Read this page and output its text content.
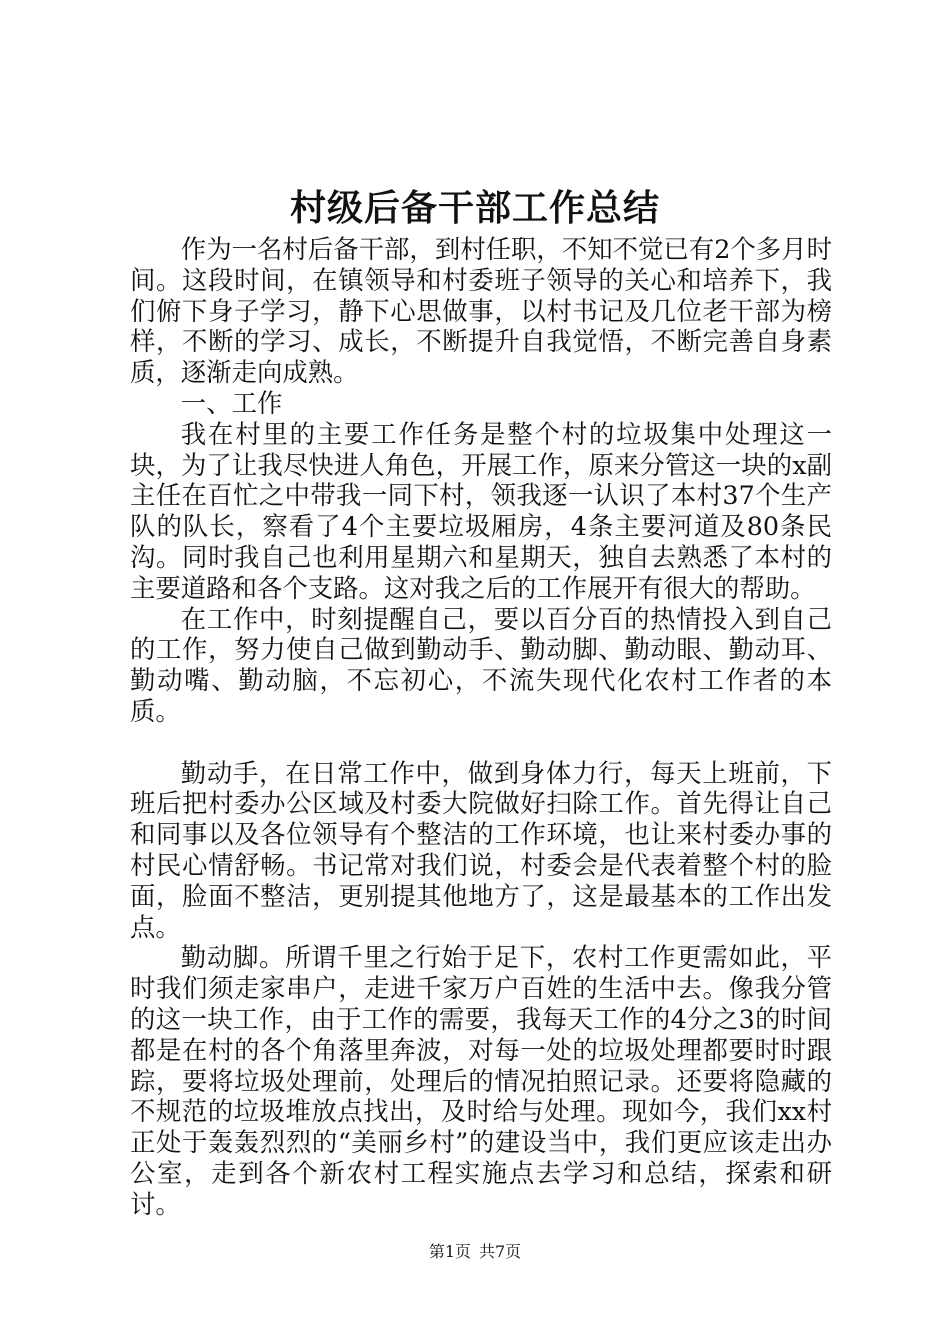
村级后备干部工作总结

作为一名村后备干部，到村任职，不知不觉已有2个多月时间。这段时间，在镇领导和村委班子领导的关心和培养下，我们俯下身子学习，静下心思做事，以村书记及几位老干部为榜样，不断的学习、成长，不断提升自我觉悟，不断完善自身素质，逐渐走向成熟。

一、工作

我在村里的主要工作任务是整个村的垃圾集中处理这一块，为了让我尽快进人角色，开展工作，原来分管这一块的x副主任在百忙之中带我一同下村，领我逐一认识了本村37个生产队的队长，察看了4个主要垃圾厢房，4条主要河道及80条民沟。同时我自己也利用星期六和星期天，独自去熟悉了本村的主要道路和各个支路。这对我之后的工作展开有很大的帮助。

在工作中，时刻提醒自己，要以百分百的热情投入到自己的工作，努力使自己做到勤动手、勤动脚、勤动眼、勤动耳、勤动嘴、勤动脑，不忘初心，不流失现代化农村工作者的本质。

勤动手，在日常工作中，做到身体力行，每天上班前，下班后把村委办公区域及村委大院做好扫除工作。首先得让自己和同事以及各位领导有个整洁的工作环境，也让来村委办事的村民心情舒畅。书记常对我们说，村委会是代表着整个村的脸面，脸面不整洁，更别提其他地方了，这是最基本的工作出发点。

勤动脚。所谓千里之行始于足下，农村工作更需如此，平时我们须走家串户，走进千家万户百姓的生活中去。像我分管的这一块工作，由于工作的需要，我每天工作的4分之3的时间都是在村的各个角落里奔波，对每一处的垃圾处理都要时时跟踪，要将垃圾处理前，处理后的情况拍照记录。还要将隐藏的不规范的垃圾堆放点找出，及时给与处理。现如今，我们xx村正处于轰轰烈烈的“美丽乡村”的建设当中，我们更应该走出办公室，走到各个新农村工程实施点去学习和总结，探索和研讨。

第1页 共7页
